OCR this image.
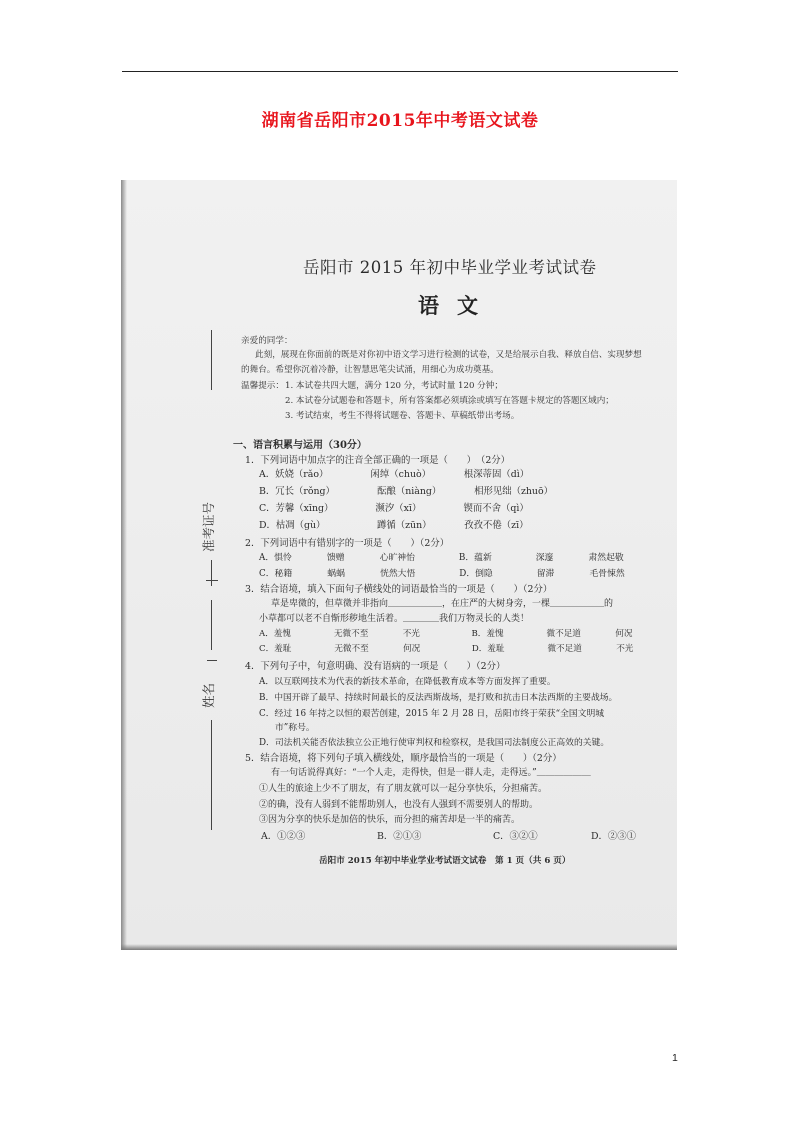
湖南省岳阳市2015年中考语文试卷
准考证号
姓名
岳阳市 2015 年初中毕业学业考试试卷
语文
亲爱的同学：
此刻，展现在你面前的既是对你初中语文学习进行检测的试卷，又是给展示自我、释放自信、实现梦想
的舞台。希望你沉着冷静，让智慧思笔尖试涌，用细心为成功奠基。
温馨提示： 1. 本试卷共四大题，满分 120 分，考试时量 120 分钟；
2. 本试卷分试题卷和答题卡，所有答案都必须填涂或填写在答题卡规定的答题区域内；
3. 考试结束，考生不得将试题卷、答题卡、草稿纸带出考场。
一、语言积累与运用（30分）
1．下列词语中加点字的注音全部正确的一项是（　　）　（2分）
A．妖娆（rǎo）　　　　　闲绰（chuò）　　　　根深蒂固（dì）
B．冗长（rǒng）　　　　　酝酿（niàng）　　　　相形见绌（zhuō）
C．芳馨（xīng）　　　　　濒汐（xī）　　　　　锲而不舍（qì）
D．枯凋（gù）　　　　　　蹲循（zūn）　　　　孜孜不倦（zī）
2．下列词语中有错别字的一项是（　　）（2分）
A．惧怜　　　　馈赠　　　　心旷神怡　　　　　B．蕴新　　　　　深邃　　　　肃然起敬
C．秘籍　　　　蜗蜗　　　　恍然大悟　　　　　D．倒隐　　　　　留滞　　　　毛骨悚然
3．结合语境，填入下面句子横线处的词语最恰当的一项是（　　）（2分）
草是卑微的，但草微并非指向＿＿＿＿＿＿，在庄严的大树身旁，一棵＿＿＿＿＿＿的
小草都可以老不自惭形秽地生活着。＿＿＿＿我们万物灵长的人类！
A．羞愧　　　　　无微不至　　　　不光　　　　　　B．羞愧　　　　　微不足道　　　　何况
C．羞耻　　　　　无微不至　　　　何况　　　　　　D．羞耻　　　　　微不足道　　　　不光
4．下列句子中，句意明确、没有语病的一项是（　　）（2分）
A．以互联网技术为代表的新技术革命，在降低教育成本等方面发挥了重要。
B．中国开辟了最早、持续时间最长的反法西斯战场，是打败和抗击日本法西斯的主要战场。
C．经过 16 年持之以恒的艰苦创建，2015 年 2 月 28 日，岳阳市终于荣获“全国文明城
市”称号。
D．司法机关能否依法独立公正地行使审判权和检察权，是我国司法制度公正高效的关键。
5．结合语境，将下列句子填入横线处，顺序最恰当的一项是（　　）（2分）
有一句话说得真好：“一个人走，走得快，但是一群人走，走得远。”＿＿＿＿＿＿
①人生的旅途上少不了朋友，有了朋友就可以一起分享快乐，分担痛苦。
②的确，没有人弱到不能帮助别人，也没有人强到不需要别人的帮助。
③因为分享的快乐是加倍的快乐，而分担的痛苦却是一半的痛苦。
A．①②③	B．②①③	C．③②①	D．②③①
岳阳市 2015 年初中毕业学业考试语文试卷　第 1 页（共 6 页）
1
